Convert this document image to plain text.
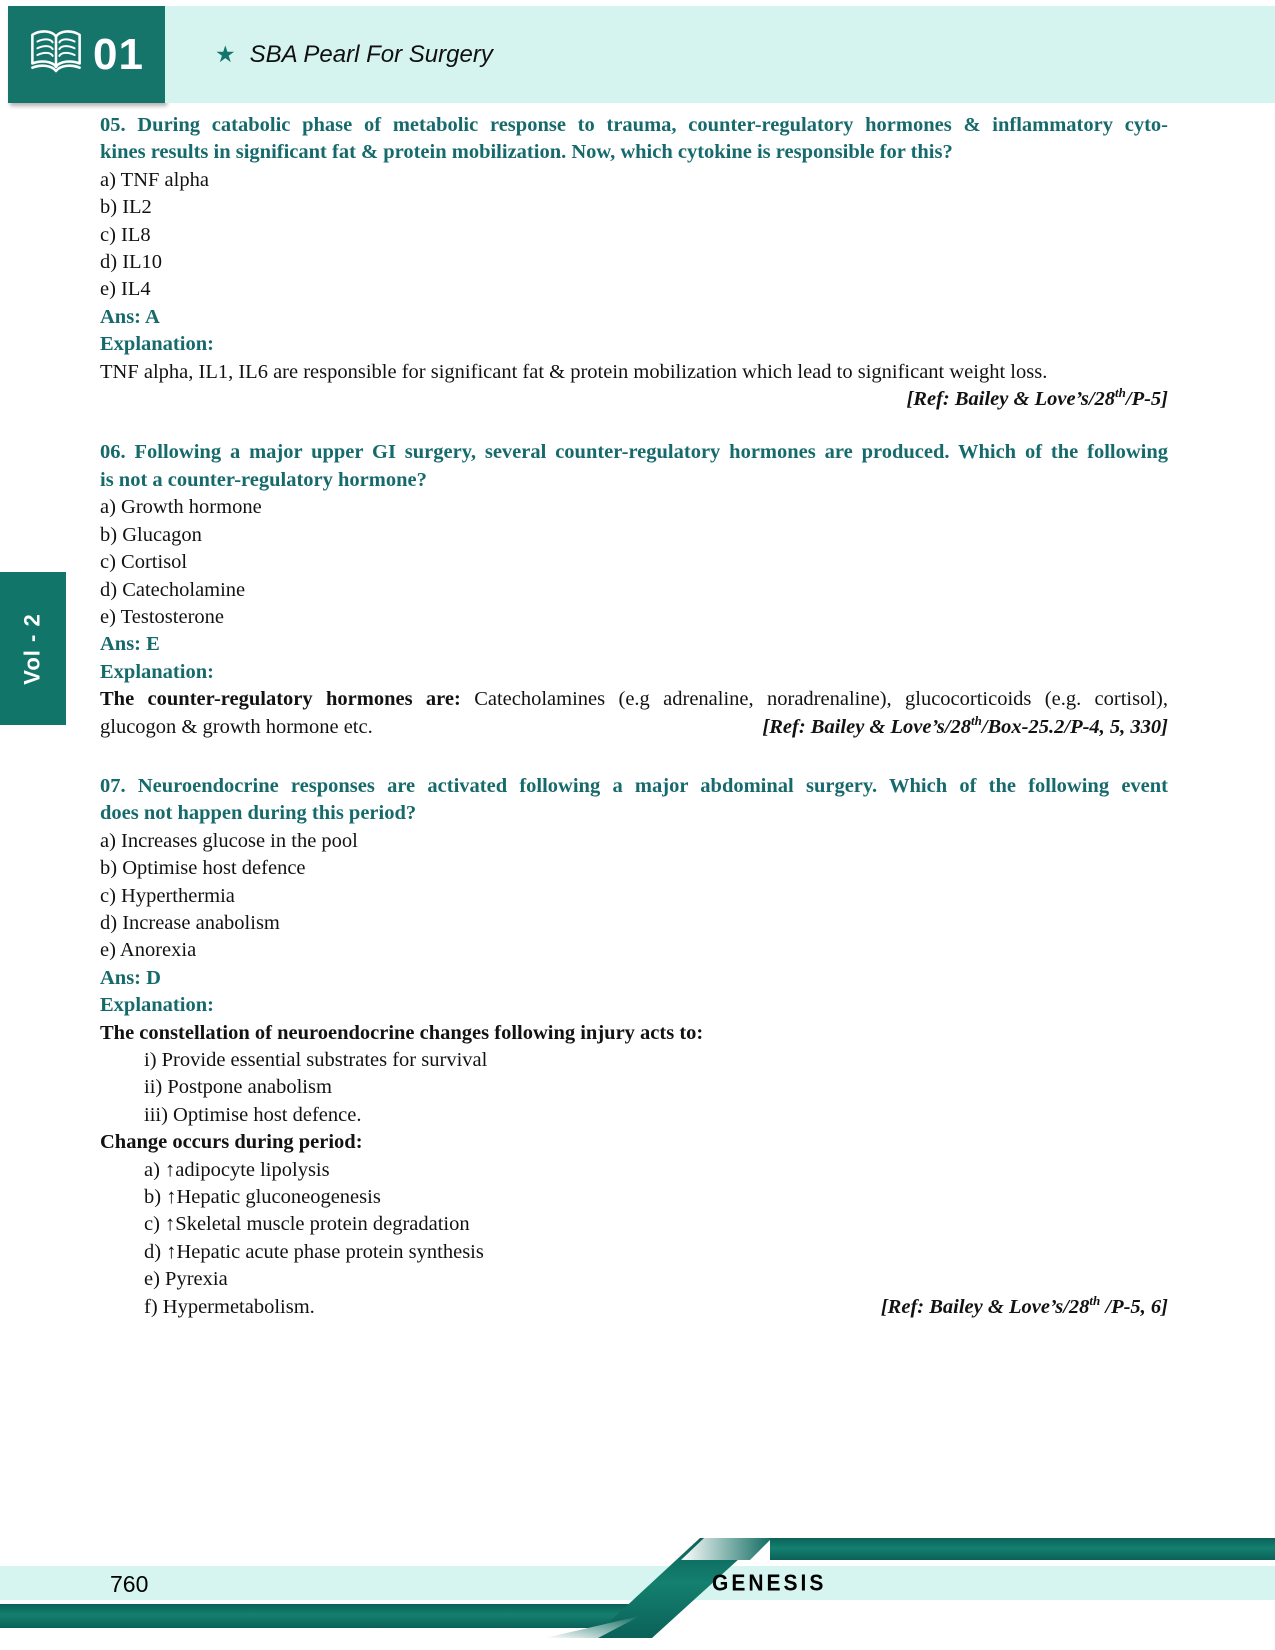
01	★ SBA Pearl For Surgery
Vol - 2
05. During catabolic phase of metabolic response to trauma, counter-regulatory hormones & inflammatory cyto-
kines results in significant fat & protein mobilization. Now, which cytokine is responsible for this?
a) TNF alpha
b) IL2
c) IL8
d) IL10
e) IL4
Ans: A
Explanation:
TNF alpha, IL1, IL6 are responsible for significant fat & protein mobilization which lead to significant weight loss.
[Ref: Bailey & Love’s/28th/P-5]
06. Following a major upper GI surgery, several counter-regulatory hormones are produced. Which of the following
is not a counter-regulatory hormone?
a) Growth hormone
b) Glucagon
c) Cortisol
d) Catecholamine
e) Testosterone
Ans: E
Explanation:
The counter-regulatory hormones are: Catecholamines (e.g adrenaline, noradrenaline), glucocorticoids (e.g. cortisol),
glucogon & growth hormone etc.	[Ref: Bailey & Love’s/28th/Box-25.2/P-4, 5, 330]
07. Neuroendocrine responses are activated following a major abdominal surgery. Which of the following event
does not happen during this period?
a) Increases glucose in the pool
b) Optimise host defence
c) Hyperthermia
d) Increase anabolism
e) Anorexia
Ans: D
Explanation:
The constellation of neuroendocrine changes following injury acts to:
i) Provide essential substrates for survival
ii) Postpone anabolism
iii) Optimise host defence.
Change occurs during period:
a) ↑adipocyte lipolysis
b) ↑Hepatic gluconeogenesis
c) ↑Skeletal muscle protein degradation
d) ↑Hepatic acute phase protein synthesis
e) Pyrexia
f) Hypermetabolism.	[Ref: Bailey & Love’s/28th /P-5, 6]
760	GENESIS
